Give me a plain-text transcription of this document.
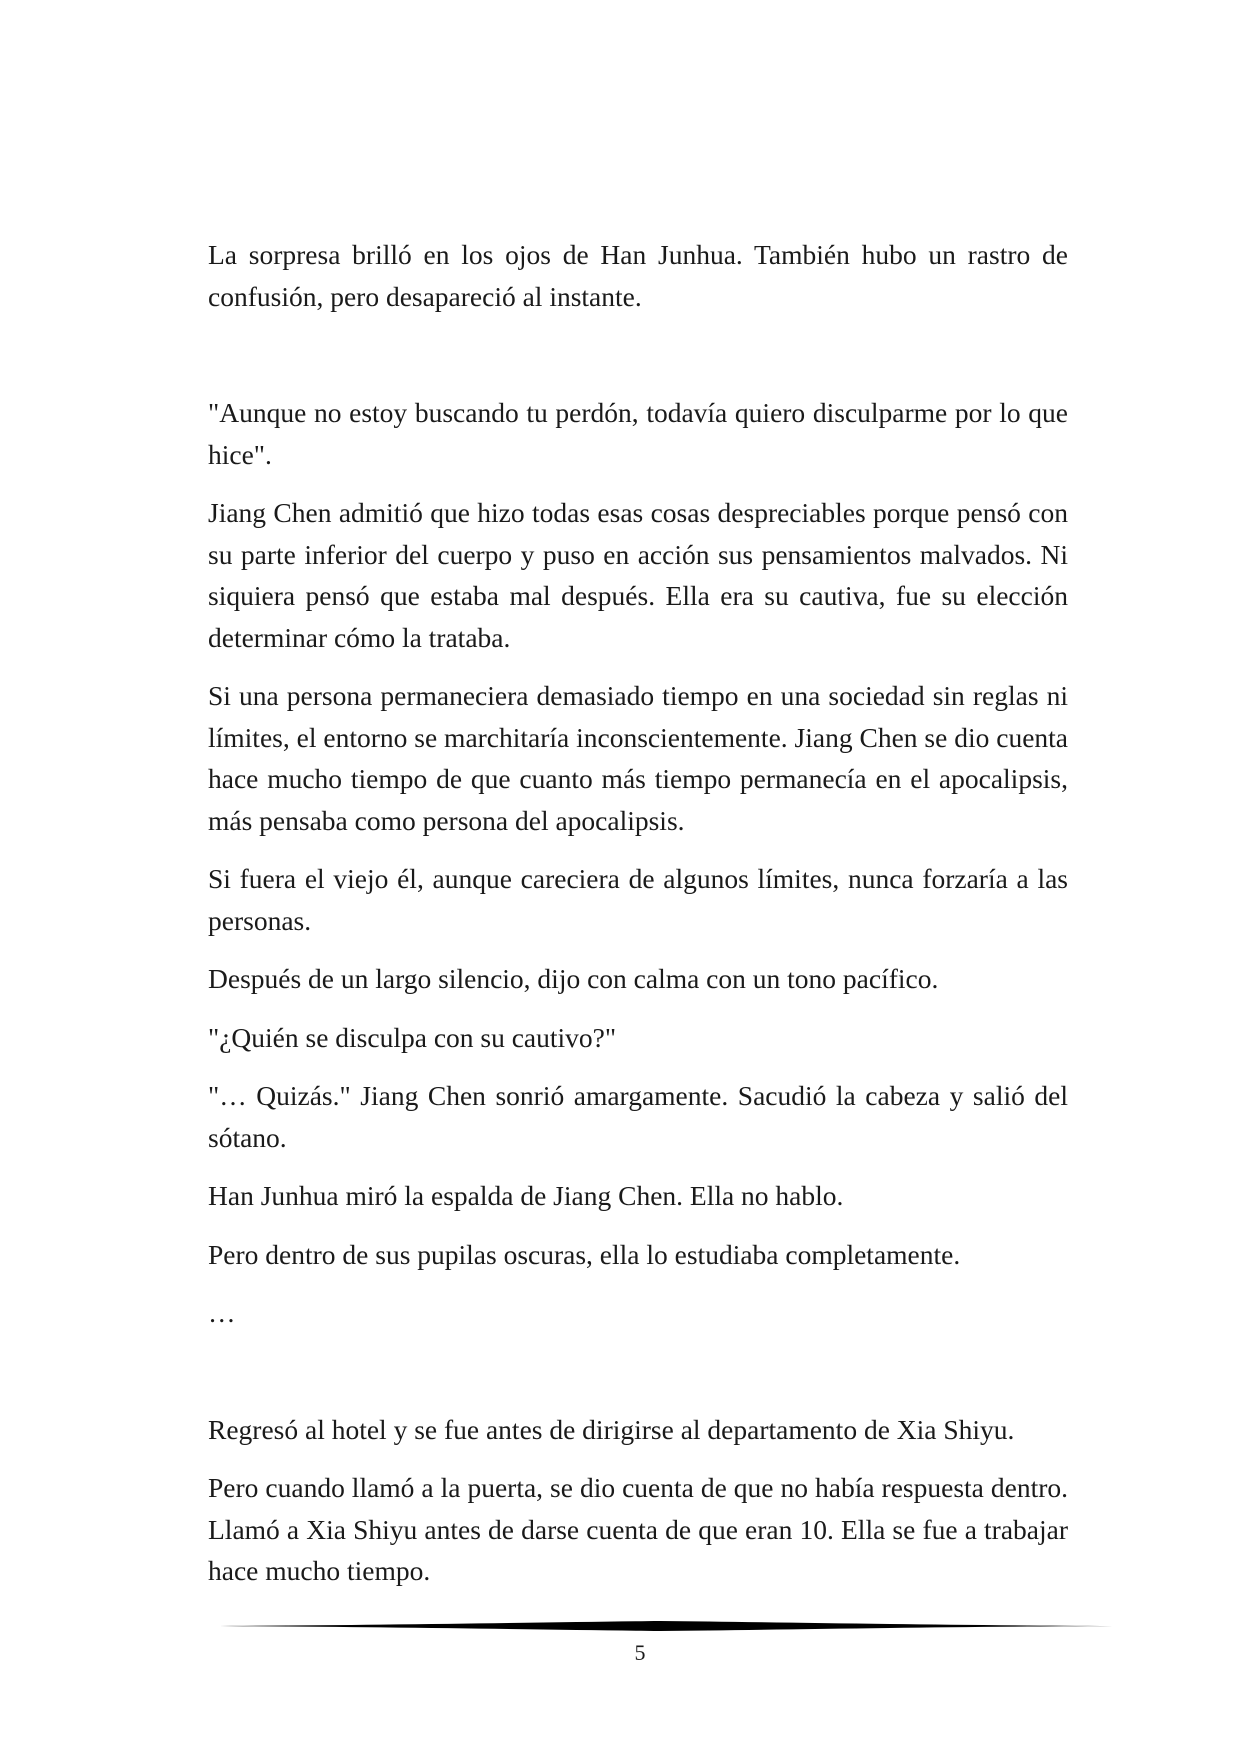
La sorpresa brilló en los ojos de Han Junhua. También hubo un rastro de confusión, pero desapareció al instante.

"Aunque no estoy buscando tu perdón, todavía quiero disculparme por lo que hice".

Jiang Chen admitió que hizo todas esas cosas despreciables porque pensó con su parte inferior del cuerpo y puso en acción sus pensamientos malvados. Ni siquiera pensó que estaba mal después. Ella era su cautiva, fue su elección determinar cómo la trataba.

Si una persona permaneciera demasiado tiempo en una sociedad sin reglas ni límites, el entorno se marchitaría inconscientemente. Jiang Chen se dio cuenta hace mucho tiempo de que cuanto más tiempo permanecía en el apocalipsis, más pensaba como persona del apocalipsis.

Si fuera el viejo él, aunque careciera de algunos límites, nunca forzaría a las personas.

Después de un largo silencio, dijo con calma con un tono pacífico.

"¿Quién se disculpa con su cautivo?"

"… Quizás." Jiang Chen sonrió amargamente. Sacudió la cabeza y salió del sótano.

Han Junhua miró la espalda de Jiang Chen. Ella no hablo.

Pero dentro de sus pupilas oscuras, ella lo estudiaba completamente.

…

Regresó al hotel y se fue antes de dirigirse al departamento de Xia Shiyu.

Pero cuando llamó a la puerta, se dio cuenta de que no había respuesta dentro. Llamó a Xia Shiyu antes de darse cuenta de que eran 10. Ella se fue a trabajar hace mucho tiempo.

5
